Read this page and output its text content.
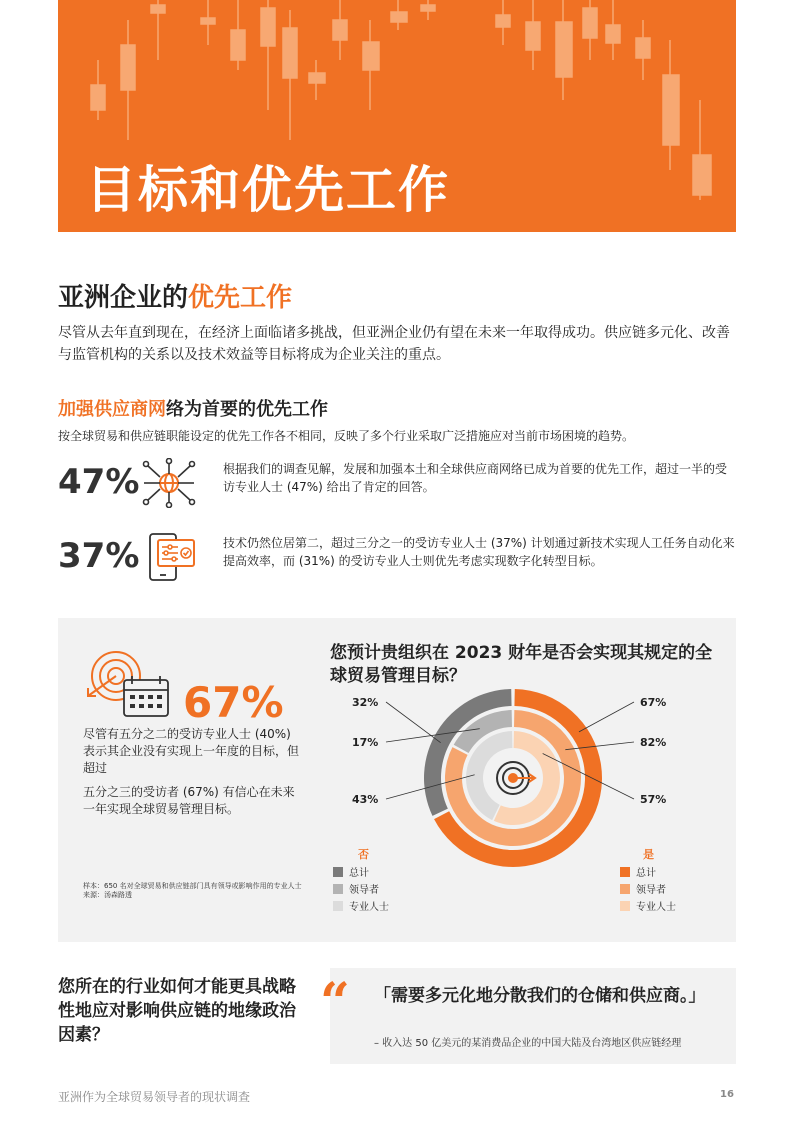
目标和优先工作
亚洲企业的优先工作

尽管从去年直到现在，在经济上面临诸多挑战，但亚洲企业仍有望在未来一年取得成功。供应链多元化、改善与监管机构的关系以及技术效益等目标将成为企业关注的重点。

加强供应商网络为首要的优先工作

按全球贸易和供应链职能设定的优先工作各不相同，反映了多个行业采取广泛措施应对当前市场困境的趋势。

47%	根据我们的调查见解，发展和加强本土和全球供应商网络已成为首要的优先工作，超过一半的受访专业人士 (47%) 给出了肯定的回答。

37%	技术仍然位居第二，超过三分之一的受访专业人士 (37%) 计划通过新技术实现人工任务自动化来提高效率，而 (31%) 的受访专业人士则优先考虑实现数字化转型目标。

67%

尽管有五分之二的受访专业人士 (40%) 表示其企业没有实现上一年度的目标，但超过

五分之三的受访者 (67%) 有信心在未来一年实现全球贸易管理目标。

样本：650 名对全球贸易和供应链部门具有领导或影响作用的专业人士
来源：汤森路透

您预计贵组织在 2023 财年是否会实现其规定的全球贸易管理目标？
67%
32%
82%
17%
57%
43%
否	是
总计
领导者
专业人士
总计
领导者
专业人士
您所在的行业如何才能更具战略性地应对影响供应链的地缘政治因素？
“ 「需要多元化地分散我们的仓储和供应商。」
– 收入达 50 亿美元的某消费品企业的中国大陆及台湾地区供应链经理
亚洲作为全球贸易领导者的现状调查	16
